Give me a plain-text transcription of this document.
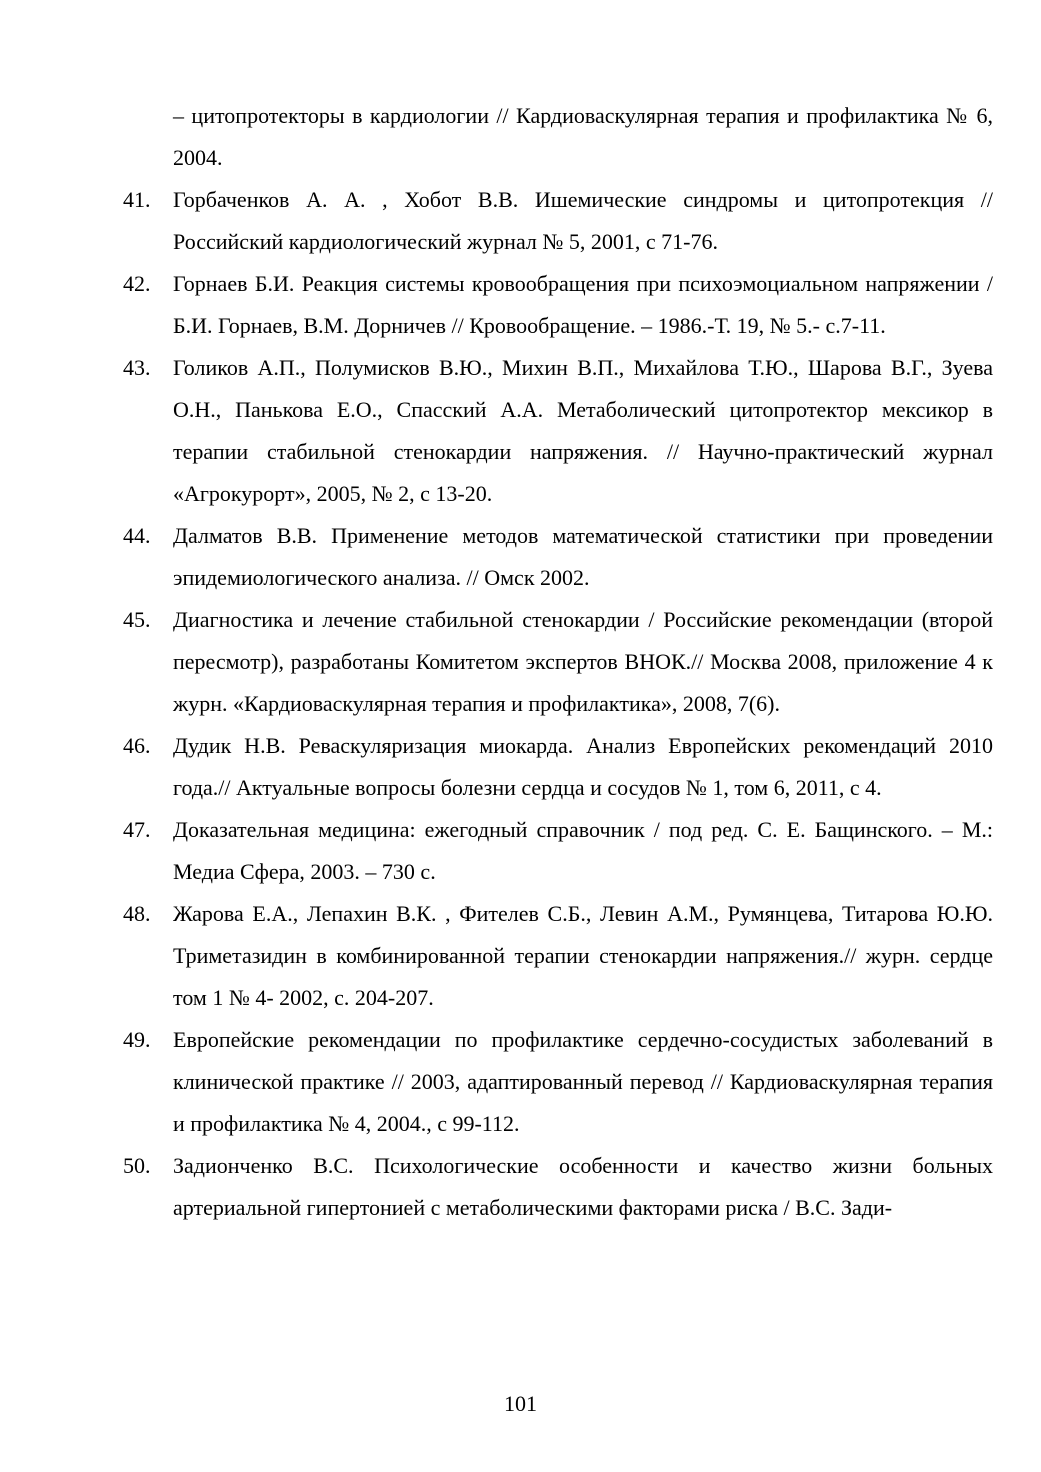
– цитопротекторы в кардиологии // Кардиоваскулярная терапия и профилактика № 6, 2004.
41. Горбаченков А. А. , Хобот В.В. Ишемические синдромы и цитопротекция // Российский кардиологический журнал № 5, 2001, с 71-76.
42. Горнаев Б.И. Реакция системы кровообращения при психоэмоциальном напряжении /Б.И. Горнаев, В.М. Дорничев // Кровообращение. – 1986.-Т. 19, № 5.- с.7-11.
43. Голиков А.П., Полумисков В.Ю., Михин В.П., Михайлова Т.Ю., Шарова В.Г., Зуева О.Н., Панькова Е.О., Спасский А.А. Метаболический цитопротектор мексикор в терапии стабильной стенокардии напряжения. // Научно-практический журнал «Агрокурорт», 2005, № 2, с 13-20.
44. Далматов В.В. Применение методов математической статистики при проведении эпидемиологического анализа. // Омск 2002.
45. Диагностика и лечение стабильной стенокардии / Российские рекомендации (второй пересмотр), разработаны Комитетом экспертов ВНОК.// Москва 2008, приложение 4 к журн. «Кардиоваскулярная терапия и профилактика», 2008, 7(6).
46. Дудик Н.В. Реваскуляризация миокарда. Анализ Европейских рекомендаций 2010 года.// Актуальные вопросы болезни сердца и сосудов № 1, том 6, 2011, с 4.
47. Доказательная медицина: ежегодный справочник / под ред. С. Е. Бащинского. – М.: Медиа Сфера, 2003. – 730 с.
48. Жарова Е.А., Лепахин В.К. , Фителев С.Б., Левин А.М., Румянцева, Титарова Ю.Ю. Триметазидин в комбинированной терапии стенокардии напряжения.// журн. сердце том 1 № 4- 2002, с. 204-207.
49. Европейские рекомендации по профилактике сердечно-сосудистых заболеваний в клинической практике // 2003, адаптированный перевод // Кардиоваскулярная терапия и профилактика № 4, 2004., с 99-112.
50. Задионченко В.С. Психологические особенности и качество жизни больных артериальной гипертонией с метаболическими факторами риска / В.С. Зади-
101
